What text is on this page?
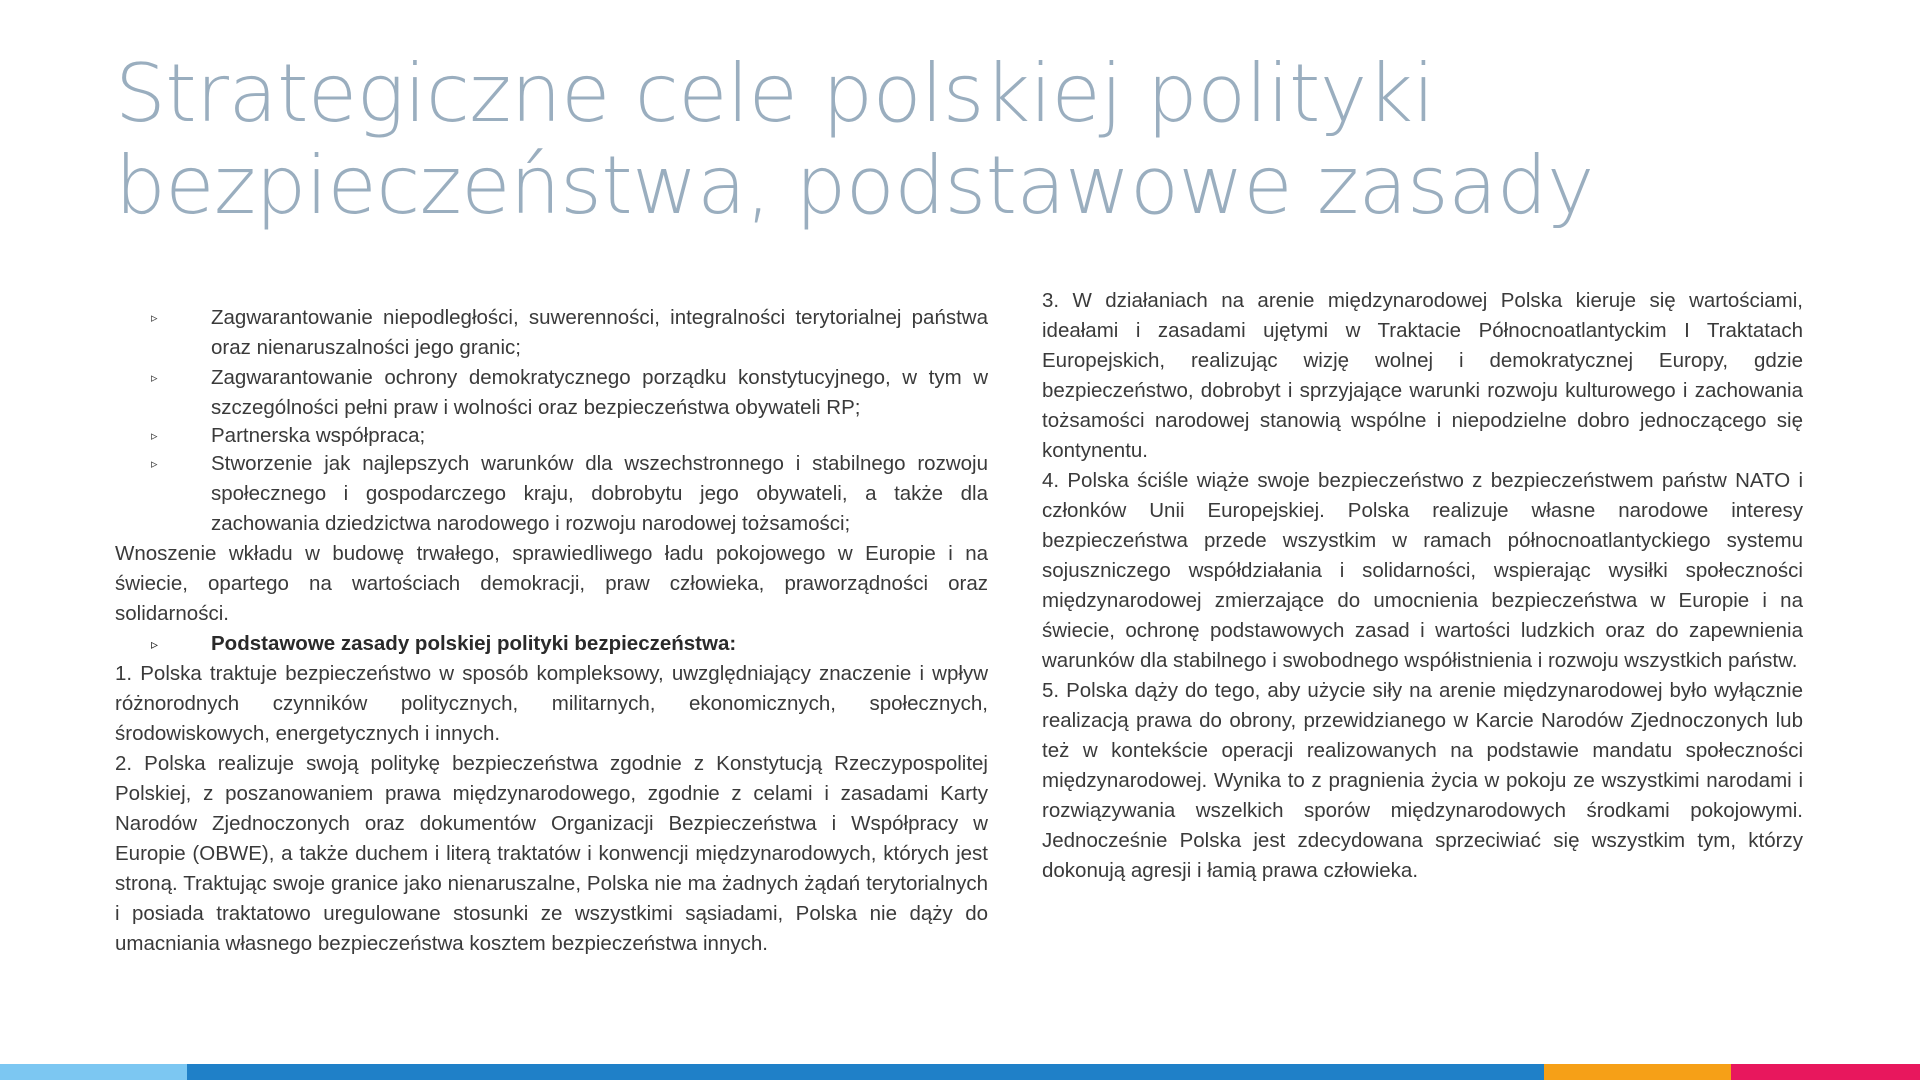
Strategiczne cele polskiej polityki bezpieczeństwa, podstawowe zasady
▹	Zagwarantowanie niepodległości, suwerenności, integralności terytorialnej państwa oraz nienaruszalności jego granic;
▹	Zagwarantowanie ochrony demokratycznego porządku konstytucyjnego, w tym w szczególności pełni praw i wolności oraz bezpieczeństwa obywateli RP;
▹	Partnerska współpraca;
▹	Stworzenie jak najlepszych warunków dla wszechstronnego i stabilnego rozwoju społecznego i gospodarczego kraju, dobrobytu jego obywateli, a także dla zachowania dziedzictwa narodowego i rozwoju narodowej tożsamości;

Wnoszenie wkładu w budowę trwałego, sprawiedliwego ładu pokojowego w Europie i na świecie, opartego na wartościach demokracji, praw człowieka, praworządności oraz solidarności.

▹	Podstawowe zasady polskiej polityki bezpieczeństwa:

1. Polska traktuje bezpieczeństwo w sposób kompleksowy, uwzględniający znaczenie i wpływ różnorodnych czynników politycznych, militarnych, ekonomicznych, społecznych, środowiskowych, energetycznych i innych.

2. Polska realizuje swoją politykę bezpieczeństwa zgodnie z Konstytucją Rzeczypospolitej Polskiej, z poszanowaniem prawa międzynarodowego, zgodnie z celami i zasadami Karty Narodów Zjednoczonych oraz dokumentów Organizacji Bezpieczeństwa i Współpracy w Europie (OBWE), a także duchem i literą traktatów i konwencji międzynarodowych, których jest stroną. Traktując swoje granice jako nienaruszalne, Polska nie ma żadnych żądań terytorialnych i posiada traktatowo uregulowane stosunki ze wszystkimi sąsiadami, Polska nie dąży do umacniania własnego bezpieczeństwa kosztem bezpieczeństwa innych.

3. W działaniach na arenie międzynarodowej Polska kieruje się wartościami, ideałami i zasadami ujętymi w Traktacie Północnoatlantyckim I Traktatach Europejskich, realizując wizję wolnej i demokratycznej Europy, gdzie bezpieczeństwo, dobrobyt i sprzyjające warunki rozwoju kulturowego i zachowania tożsamości narodowej stanowią wspólne i niepodzielne dobro jednoczącego się kontynentu.

4. Polska ściśle wiąże swoje bezpieczeństwo z bezpieczeństwem państw NATO i członków Unii Europejskiej. Polska realizuje własne narodowe interesy bezpieczeństwa przede wszystkim w ramach północnoatlantyckiego systemu sojuszniczego współdziałania i solidarności, wspierając wysiłki społeczności międzynarodowej zmierzające do umocnienia bezpieczeństwa w Europie i na świecie, ochronę podstawowych zasad i wartości ludzkich oraz do zapewnienia warunków dla stabilnego i swobodnego współistnienia i rozwoju wszystkich państw.

5. Polska dąży do tego, aby użycie siły na arenie międzynarodowej było wyłącznie realizacją prawa do obrony, przewidzianego w Karcie Narodów Zjednoczonych lub też w kontekście operacji realizowanych na podstawie mandatu społeczności międzynarodowej. Wynika to z pragnienia życia w pokoju ze wszystkimi narodami i rozwiązywania wszelkich sporów międzynarodowych środkami pokojowymi. Jednocześnie Polska jest zdecydowana sprzeciwiać się wszystkim tym, którzy dokonują agresji i łamią prawa człowieka.
